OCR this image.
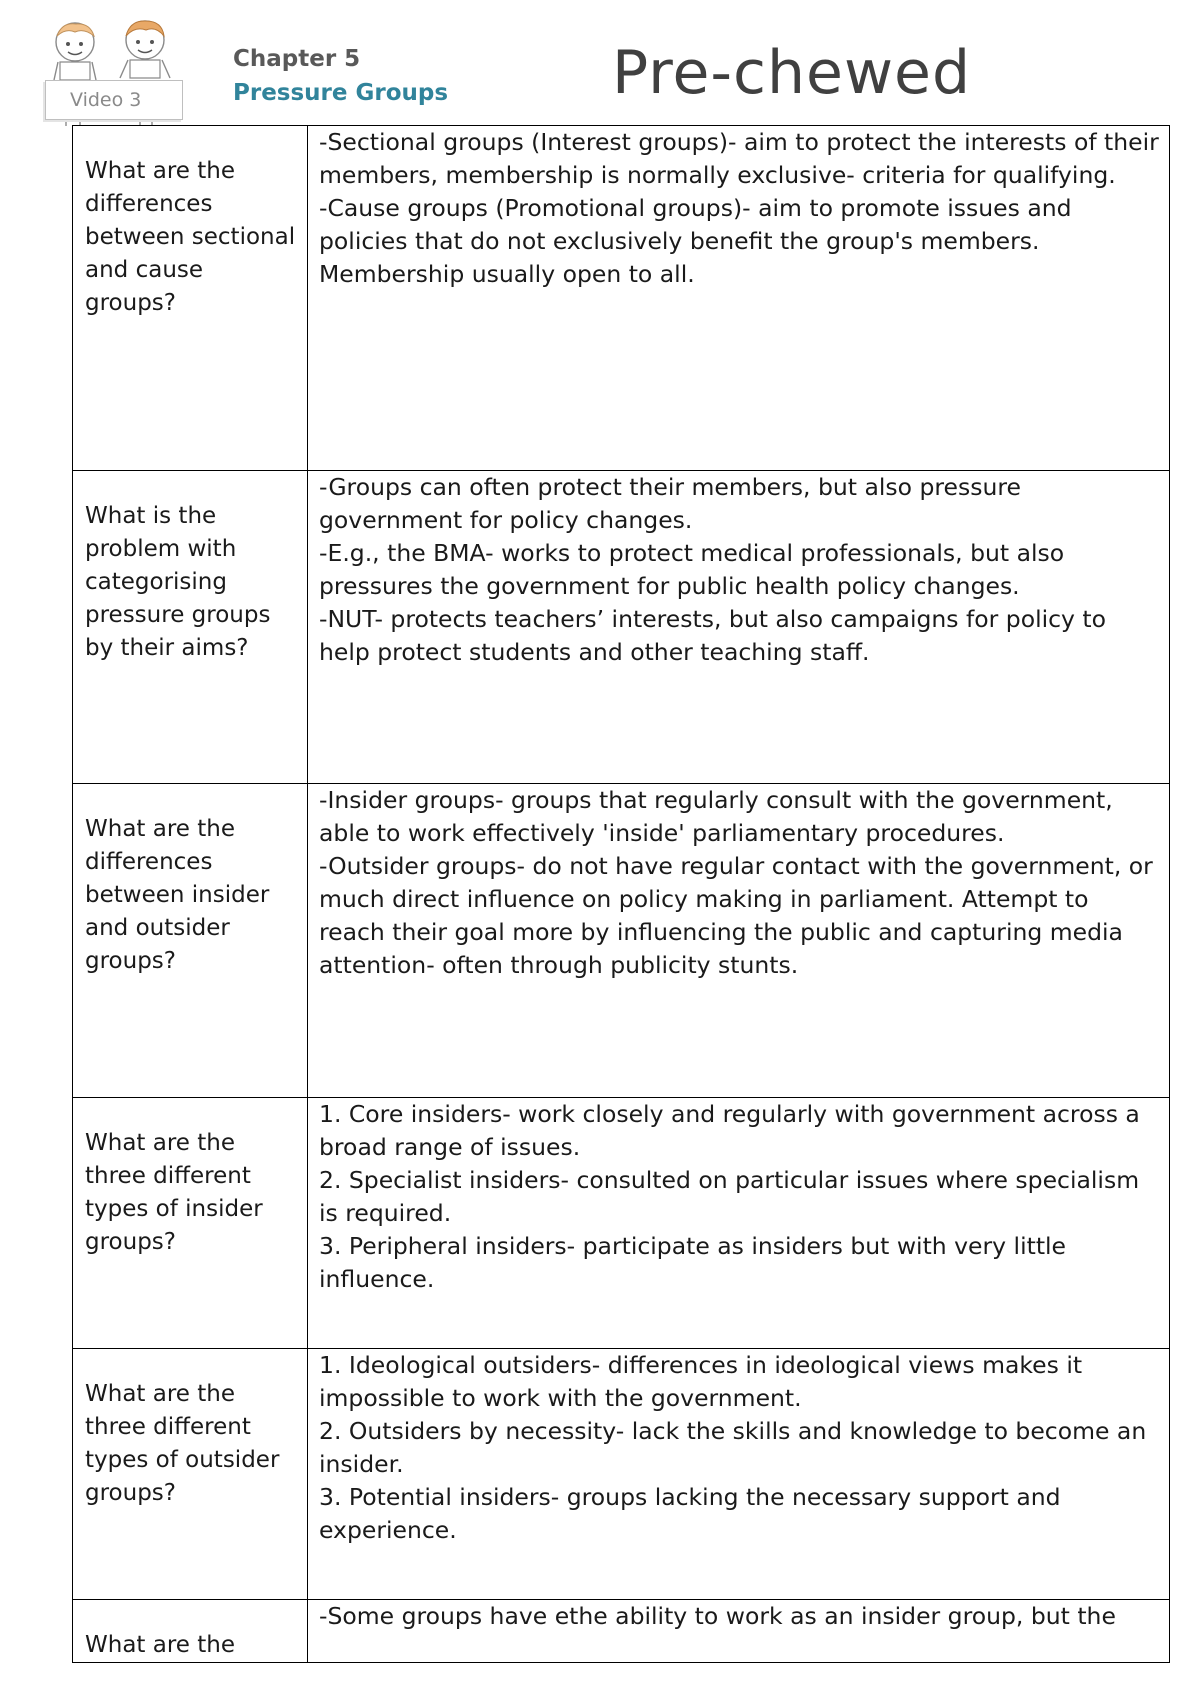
Video 3
Chapter 5
Pressure Groups	Pre-chewed
What are the differences between sectional and cause groups?	-Sectional groups (Interest groups)- aim to protect the interests of their members, membership is normally exclusive- criteria for qualifying.

-Cause groups (Promotional groups)- aim to promote issues and policies that do not exclusively benefit the group's members. Membership usually open to all.

What is the problem with categorising pressure groups by their aims?	-Groups can often protect their members, but also pressure government for policy changes.

-E.g., the BMA- works to protect medical professionals, but also pressures the government for public health policy changes.

-NUT- protects teachers’ interests, but also campaigns for policy to help protect students and other teaching staff.

What are the differences between insider and outsider groups?	-Insider groups- groups that regularly consult with the government, able to work effectively 'inside' parliamentary procedures.

-Outsider groups- do not have regular contact with the government, or much direct influence on policy making in parliament. Attempt to reach their goal more by influencing the public and capturing media attention- often through publicity stunts.

What are the three different types of insider groups?	1. Core insiders- work closely and regularly with government across a broad range of issues.

2. Specialist insiders- consulted on particular issues where specialism is required.

3. Peripheral insiders- participate as insiders but with very little influence.

What are the three different types of outsider groups?	1. Ideological outsiders- differences in ideological views makes it impossible to work with the government.

2. Outsiders by necessity- lack the skills and knowledge to become an insider.

3. Potential insiders- groups lacking the necessary support and experience.

What are the	-Some groups have ethe ability to work as an insider group, but the
